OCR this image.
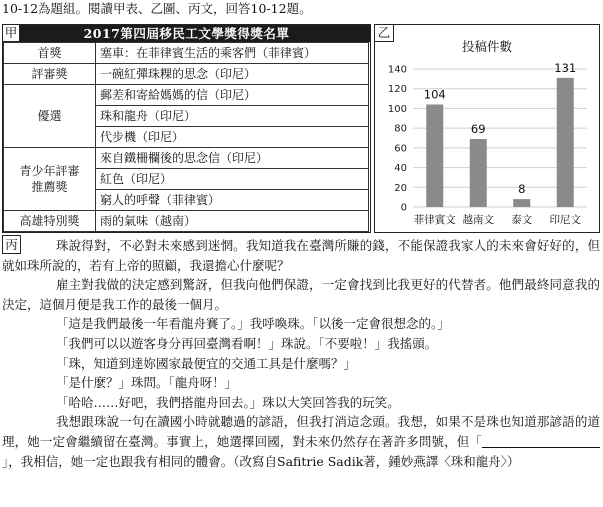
10-12為題組。閱讀甲表、乙圖、丙文，回答10-12題。
2017第四屆移民工文學獎得獎名單
甲
首獎	塞車：在菲律賓生活的乘客們（菲律賓）
評審獎	一碗紅彈珠粿的思念（印尼）
優選	郵差和寄給媽媽的信（印尼）
	珠和龍舟（印尼）
	代步機（印尼）

青少年評審
推薦獎	來自鐵柵欄後的思念信（印尼）
	紅色（印尼）
	窮人的呼聲（菲律賓）
高雄特別獎	雨的氣味（越南）
乙
投稿件數
0
20
40
60
80
100
120
140
104
菲律賓文
69
越南文
8
泰文
131
印尼文
丙	珠說得對，不必對未來感到迷惘。我知道我在臺灣所賺的錢，不能保證我家人的未來會好好的，但就如珠所說的，若有上帝的照顧，我還擔心什麼呢？

雇主對我做的決定感到驚訝，但我向他們保證，一定會找到比我更好的代替者。他們最終同意我的決定，這個月便是我工作的最後一個月。

「這是我們最後一年看龍舟賽了。」我呼喚珠。「以後一定會很想念的。」

「我們可以以遊客身分再回臺灣看啊！」珠說。「不要啦！」我搖頭。

「珠，知道到達妳國家最便宜的交通工具是什麼嗎？」

「是什麼？」珠問。「龍舟呀！」

「哈哈……好吧，我們搭龍舟回去。」珠以大笑回答我的玩笑。

我想跟珠說一句在讀國小時就聽過的諺語，但我打消這念頭。我想，如果不是珠也知道那諺語的道理，她一定會繼續留在臺灣。事實上，她選擇回國，對未來仍然存在著許多問號，但「」，我相信，她一定也跟我有相同的體會。（改寫自Safitrie Sadik著，鍾妙燕譯〈珠和龍舟〉）
